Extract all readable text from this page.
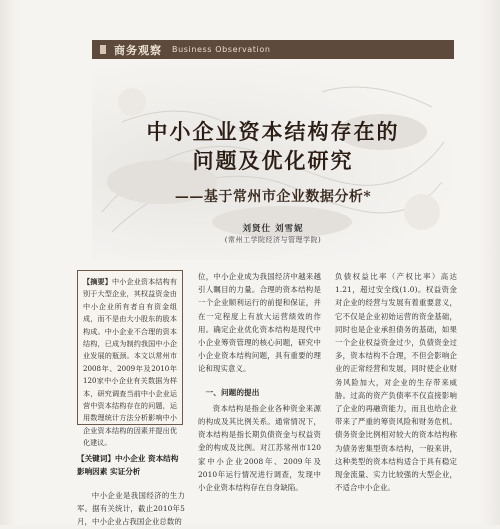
商务观察 Business Observation
中小企业资本结构存在的
问题及优化研究
——基于常州市企业数据分析*
刘贤仕 刘雪妮
(常州工学院经济与管理学院)
【摘要】中小企业资本结构有别于大型企业，其权益资金由中小企业所有者自有资金组成，而不是由大小股东的股本构成。中小企业不合理的资本结构，已成为制约我国中小企业发展的瓶颈。本文以常州市2008年、2009年及2010年120家中小企业有关数据为样本，研究调查当前中小企业运营中资本结构存在的问题，运用数理统计方法分析影响中小企业资本结构的因素并提出优化建议。
【关键词】中小企业 资本结构 影响因素 实证分析

中小企业是我国经济的生力军。据有关统计，截止2010年5月，中小企业占我国企业总数的

位，中小企业成为我国经济中越来越引人瞩目的力量。合理的资本结构是一个企业顺利运行的前提和保证，并在一定程度上有放大运营绩效的作用。确定企业优化资本结构是现代中小企业筹资管理的核心问题，研究中小企业资本结构问题，具有重要的理论和现实意义。

一、问题的提出

资本结构是指企业各种资金来源的构成及其比例关系。通常情况下，资本结构是指长期负债资金与权益资金的构成及比例。对江苏常州市120家中小企业2008年、2009年及2010年运行情况进行调查，发现中小企业资本结构存在自身缺陷。

负债权益比率（产权比率）高达1.21，超过安全线(1.0)。权益资金对企业的经营与发展有着重要意义，它不仅是企业初始运营的资金基础，同时也是企业承担债务的基础，如果一个企业权益资金过少，负债资金过多，资本结构不合理，不但会影响企业的正常经营和发展，同时使企业财务风险加大，对企业的生存带来威胁。过高的资产负债率不仅直接影响了企业的再融资能力，而且也给企业带来了严重的筹资风险和财务危机。债务资金比例相对较大的资本结构称为债务密集型资本结构，一般来讲，这种类型的资本结构适合于具有稳定现金流量、实力比较强的大型企业，不适合中小企业。
